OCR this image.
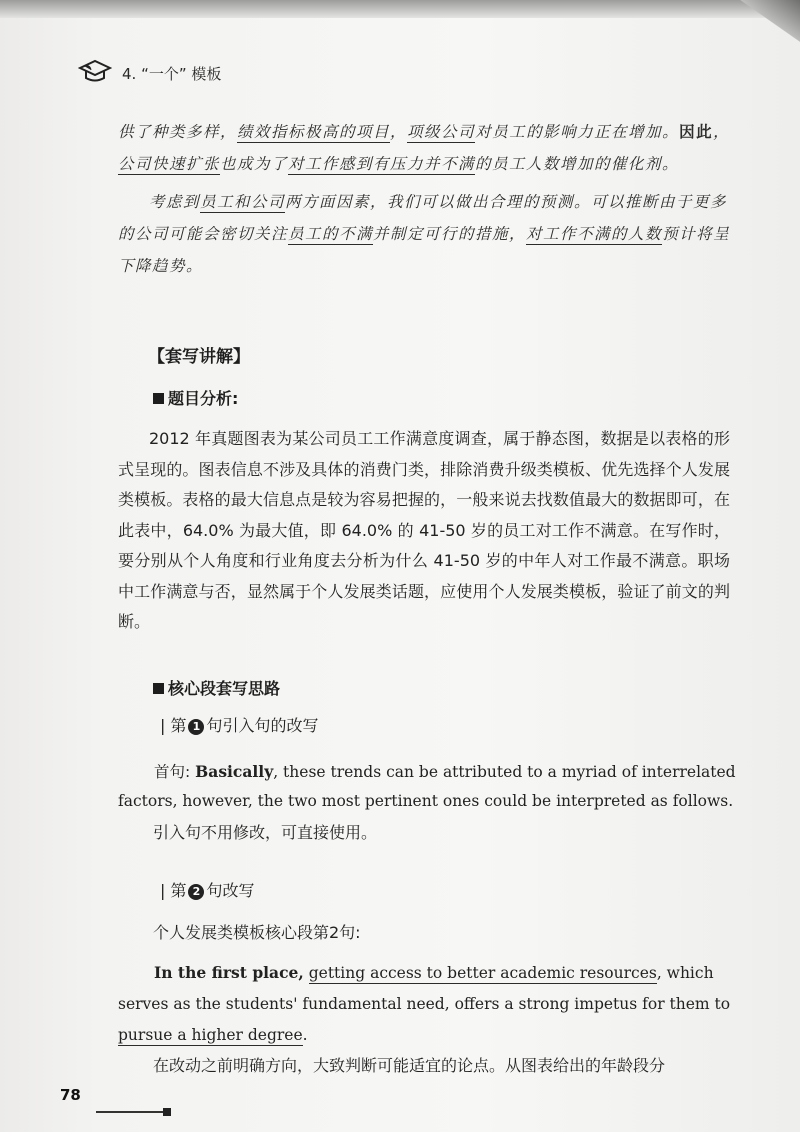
4. “一个” 模板

供了种类多样，绩效指标极高的项目，项级公司对员工的影响力正在增加。因此，公司快速扩张也成为了对工作感到有压力并不满的员工人数增加的催化剂。

考虑到员工和公司两方面因素，我们可以做出合理的预测。可以推断由于更多的公司可能会密切关注员工的不满并制定可行的措施，对工作不满的人数预计将呈下降趋势。

【套写讲解】
题目分析:

2012 年真题图表为某公司员工工作满意度调查，属于静态图，数据是以表格的形式呈现的。图表信息不涉及具体的消费门类，排除消费升级类模板、优先选择个人发展类模板。表格的最大信息点是较为容易把握的，一般来说去找数值最大的数据即可，在此表中，64.0% 为最大值，即 64.0% 的 41-50 岁的员工对工作不满意。在写作时，要分别从个人角度和行业角度去分析为什么 41-50 岁的中年人对工作最不满意。职场中工作满意与否，显然属于个人发展类话题，应使用个人发展类模板，验证了前文的判断。

核心段套写思路
| 第 1 句引入句的改写

首句: Basically, these trends can be attributed to a myriad of interrelated factors, however, the two most pertinent ones could be interpreted as follows.

引入句不用修改，可直接使用。
| 第 2 句改写
个人发展类模板核心段第2句:

In the first place, getting access to better academic resources, which serves as the students' fundamental need, offers a strong impetus for them to pursue a higher degree.

在改动之前明确方向，大致判断可能适宜的论点。从图表给出的年龄段分
78
